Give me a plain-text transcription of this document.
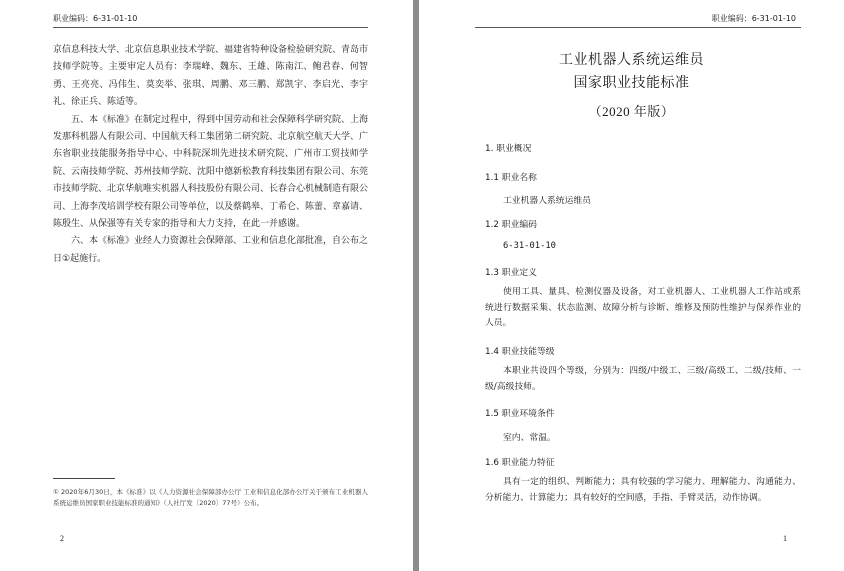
职业编码：6-31-01-10

京信息科技大学、北京信息职业技术学院、福建省特种设备检验研究院、青岛市技师学院等。主要审定人员有：李瑞峰、魏东、王雄、陈南江、鲍君春、何智勇、王亮亮、冯伟生、莫奕举、张琪、周鹏、邓三鹏、郑凯宇、李启光、李宇礼、徐正兵、陈适等。

五、本《标准》在制定过程中，得到中国劳动和社会保障科学研究院、上海发那科机器人有限公司、中国航天科工集团第二研究院、北京航空航天大学、广东省职业技能服务指导中心、中科院深圳先进技术研究院、广州市工贸技师学院、云南技师学院、苏州技师学院、沈阳中德新松教育科技集团有限公司、东莞市技师学院、北京华航唯实机器人科技股份有限公司、长春合心机械制造有限公司、上海李茂培训学校有限公司等单位，以及蔡鹤皋、丁希仑、陈蕾、章嘉请、陈殷生、从保强等有关专家的指导和大力支持，在此一并感谢。

六、本《标准》业经人力资源社会保障部、工业和信息化部批准，自公布之日①起施行。

① 2020年6月30日，本《标准》以《人力资源社会保障部办公厅 工业和信息化部办公厅关于颁布工业机器人系统运维员国家职业技能标准的通知》（人社厅发〔2020〕77号）公布。
2
职业编码：6-31-01-10
工业机器人系统运维员
国家职业技能标准
（2020 年版）
1. 职业概况
1.1 职业名称
工业机器人系统运维员
1.2 职业编码
6-31-01-10
1.3 职业定义

使用工具、量具、检测仪器及设备，对工业机器人、工业机器人工作站或系统进行数据采集、状态监测、故障分析与诊断、维修及预防性维护与保养作业的人员。

1.4 职业技能等级

本职业共设四个等级，分别为：四级/中级工、三级/高级工、二级/技师、一级/高级技师。

1.5 职业环境条件
室内、常温。
1.6 职业能力特征

具有一定的组织、判断能力；具有较强的学习能力、理解能力、沟通能力、分析能力、计算能力；具有较好的空间感，手指、手臂灵活，动作协调。

1
